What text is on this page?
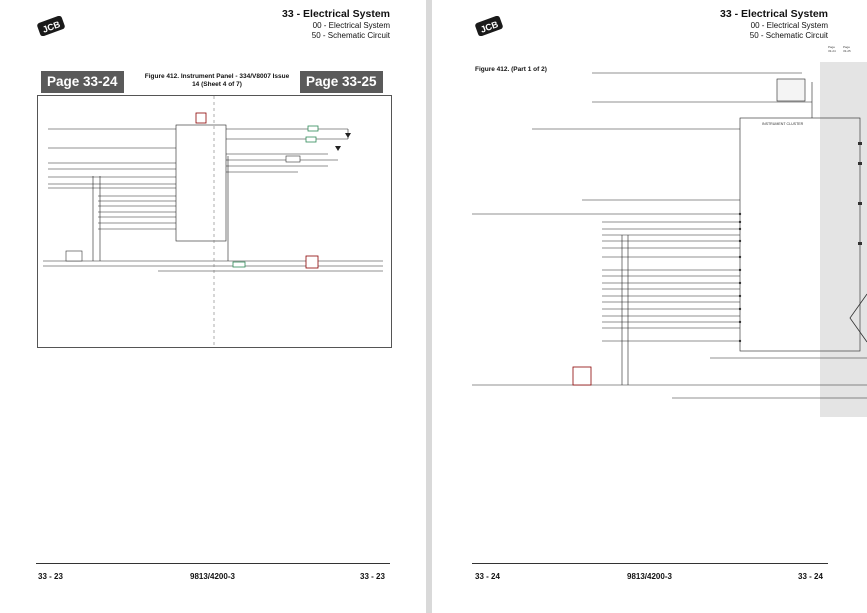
JCB
33 - Electrical System
00 - Electrical System
50 - Schematic Circuit
Page 33-24	Page 33-25
Figure 412. Instrument Panel - 334/V8007 Issue 14 (Sheet 4 of 7)
33 - 23	9813/4200-3	33 - 23
JCB
33 - Electrical System
00 - Electrical System
50 - Schematic Circuit
Figure 412. (Part 1 of 2)
Page 33-24
Page 33-25
INSTRUMENT CLUSTER
33 - 24	9813/4200-3	33 - 24
